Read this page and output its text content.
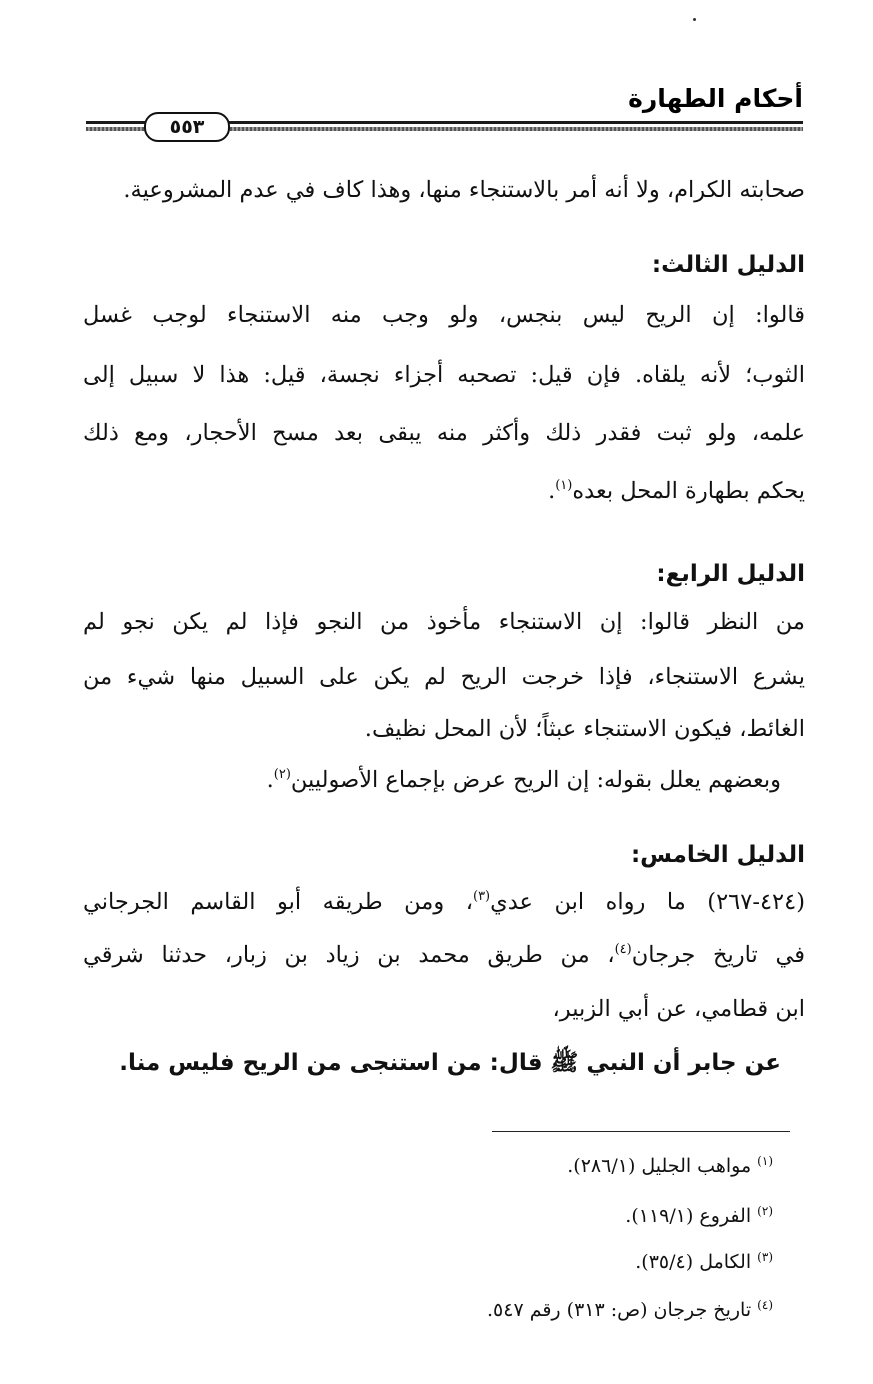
أحكام الطهارة
٥٥٣
صحابته الكرام، ولا أنه أمر بالاستنجاء منها، وهذا كاف في عدم المشروعية.
الدليل الثالث:
قالوا: إن الريح ليس بنجس، ولو وجب منه الاستنجاء لوجب غسل
الثوب؛ لأنه يلقاه. فإن قيل: تصحبه أجزاء نجسة، قيل: هذا لا سبيل إلى
علمه، ولو ثبت فقدر ذلك وأكثر منه يبقى بعد مسح الأحجار، ومع ذلك
يحكم بطهارة المحل بعده$^{(١)}$.
الدليل الرابع:
من النظر قالوا: إن الاستنجاء مأخوذ من النجو فإذا لم يكن نجو لم
يشرع الاستنجاء، فإذا خرجت الريح لم يكن على السبيل منها شيء من
الغائط، فيكون الاستنجاء عبثاً؛ لأن المحل نظيف.
وبعضهم يعلل بقوله: إن الريح عرض بإجماع الأصوليين$^{(٢)}$.
الدليل الخامس:
(٤٢٤-٢٦٧) ما رواه ابن عدي$^{(٣)}$، ومن طريقه أبو القاسم الجرجاني
في تاريخ جرجان$^{(٤)}$، من طريق محمد بن زياد بن زبار، حدثنا شرقي
ابن قطامي، عن أبي الزبير،
عن جابر أن النبي ﷺ قال: من استنجى من الريح فليس منا.
$^{(١)}$ مواهب الجليل (٢٨٦/١).
$^{(٢)}$ الفروع (١١٩/١).
$^{(٣)}$ الكامل (٣٥/٤).
$^{(٤)}$ تاريخ جرجان (ص: ٣١٣) رقم ٥٤٧.
